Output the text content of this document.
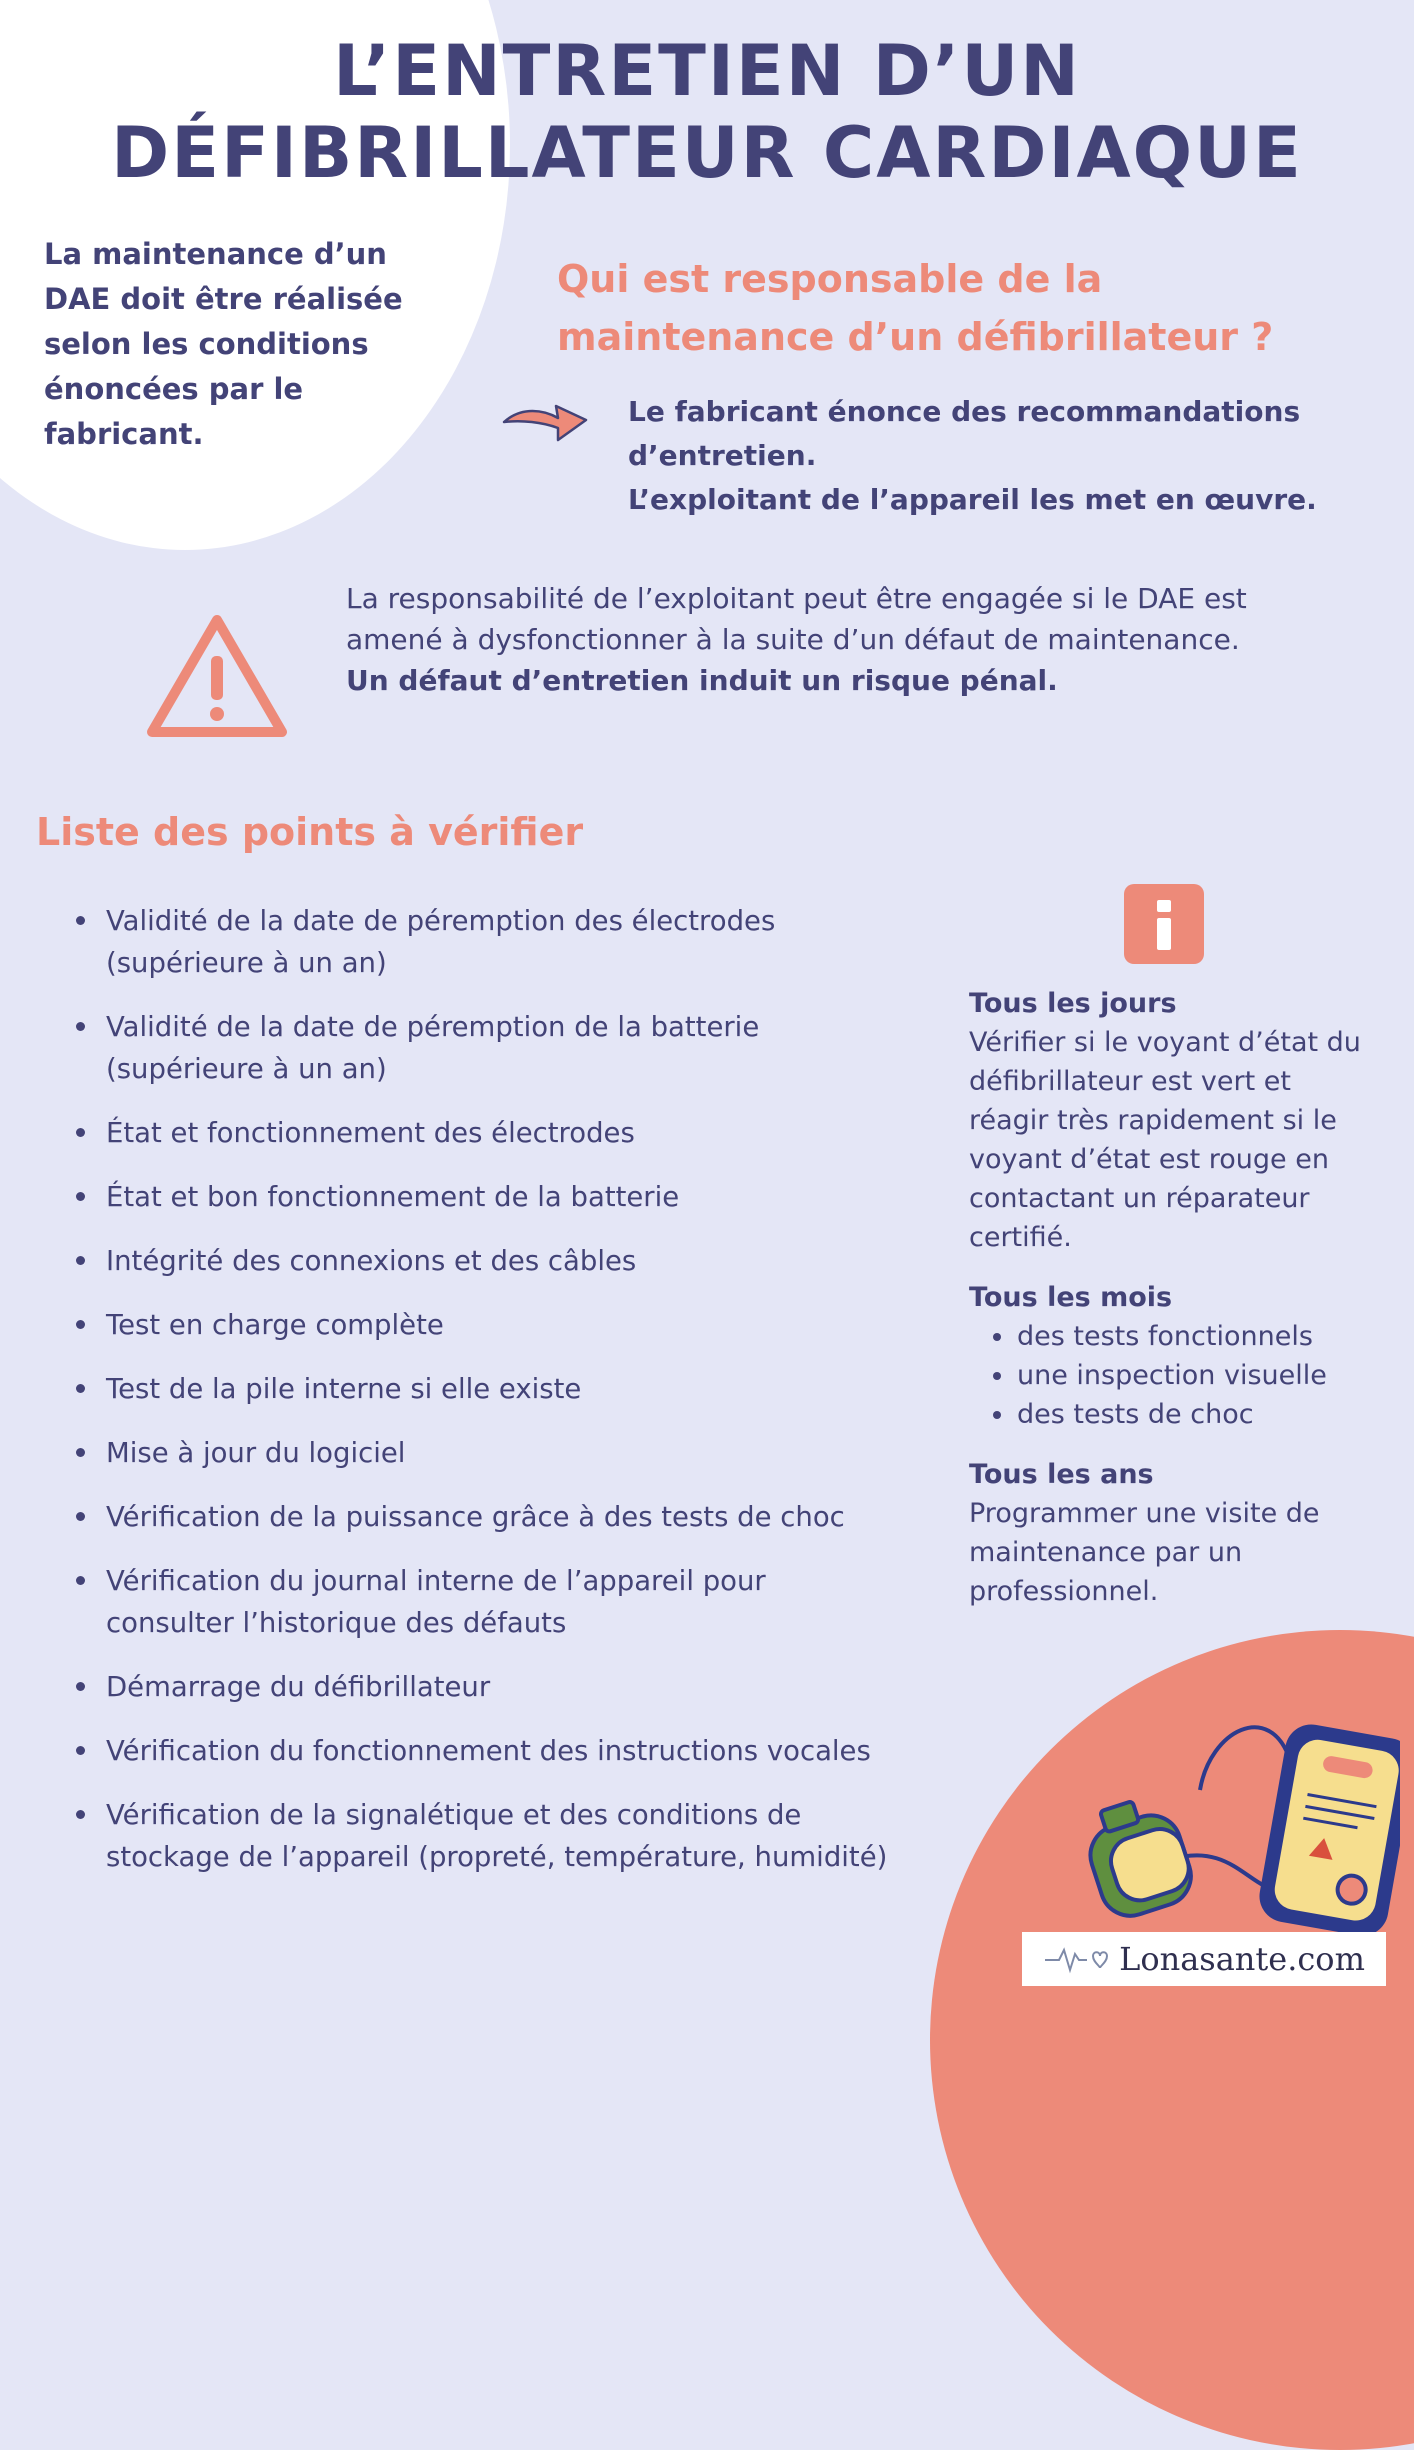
L’ENTRETIEN D’UN
DÉFIBRILLATEUR CARDIAQUE

La maintenance d’un DAE doit être réalisée selon les conditions énoncées par le fabricant.

Qui est responsable de la maintenance d’un défibrillateur ?
Le fabricant énonce des recommandations d’entretien.
L’exploitant de l’appareil les met en œuvre.
La responsabilité de l’exploitant peut être engagée si le DAE est amené à dysfonctionner à la suite d’un défaut de maintenance.
Un défaut d’entretien induit un risque pénal.
Liste des points à vérifier
Validité de la date de péremption des électrodes (supérieure à un an)
Validité de la date de péremption de la batterie (supérieure à un an)
État et fonctionnement des électrodes
État et bon fonctionnement de la batterie
Intégrité des connexions et des câbles
Test en charge complète
Test de la pile interne si elle existe
Mise à jour du logiciel
Vérification de la puissance grâce à des tests de choc
Vérification du journal interne de l’appareil pour consulter l’historique des défauts
Démarrage du défibrillateur
Vérification du fonctionnement des instructions vocales
Vérification de la signalétique et des conditions de stockage de l’appareil (propreté, température, humidité)
Tous les jours

Vérifier si le voyant d’état du défibrillateur est vert et réagir très rapidement si le voyant d’état est rouge en contactant un réparateur certifié.

Tous les mois
des tests fonctionnels
une inspection visuelle
des tests de choc
Tous les ans

Programmer une visite de maintenance par un professionnel.

Lonasante.com
